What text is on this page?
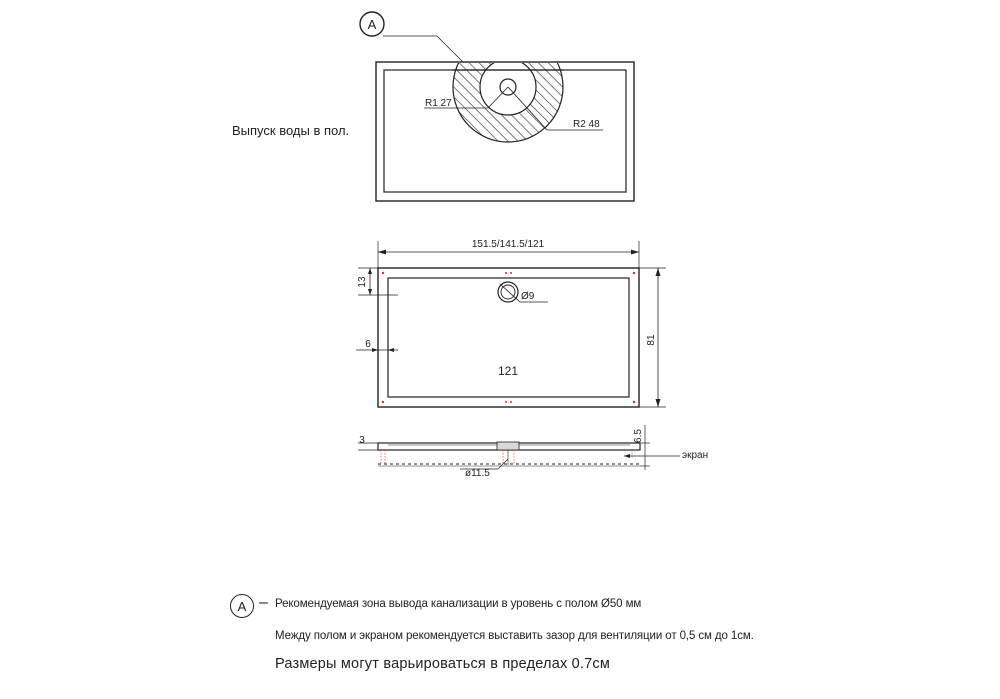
A
R1 27
R2 48
Выпуск воды в пол.
151.5/141.5/121
13
6
Ø9
121
81
3	6.5
экран
ø11.5
A – Рекомендуемая зона вывода канализации в уровень с полом Ø50 мм
Между полом и экраном рекомендуется выставить зазор для вентиляции от 0,5 см до 1см.
Размеры могут варьироваться в пределах 0.7см
